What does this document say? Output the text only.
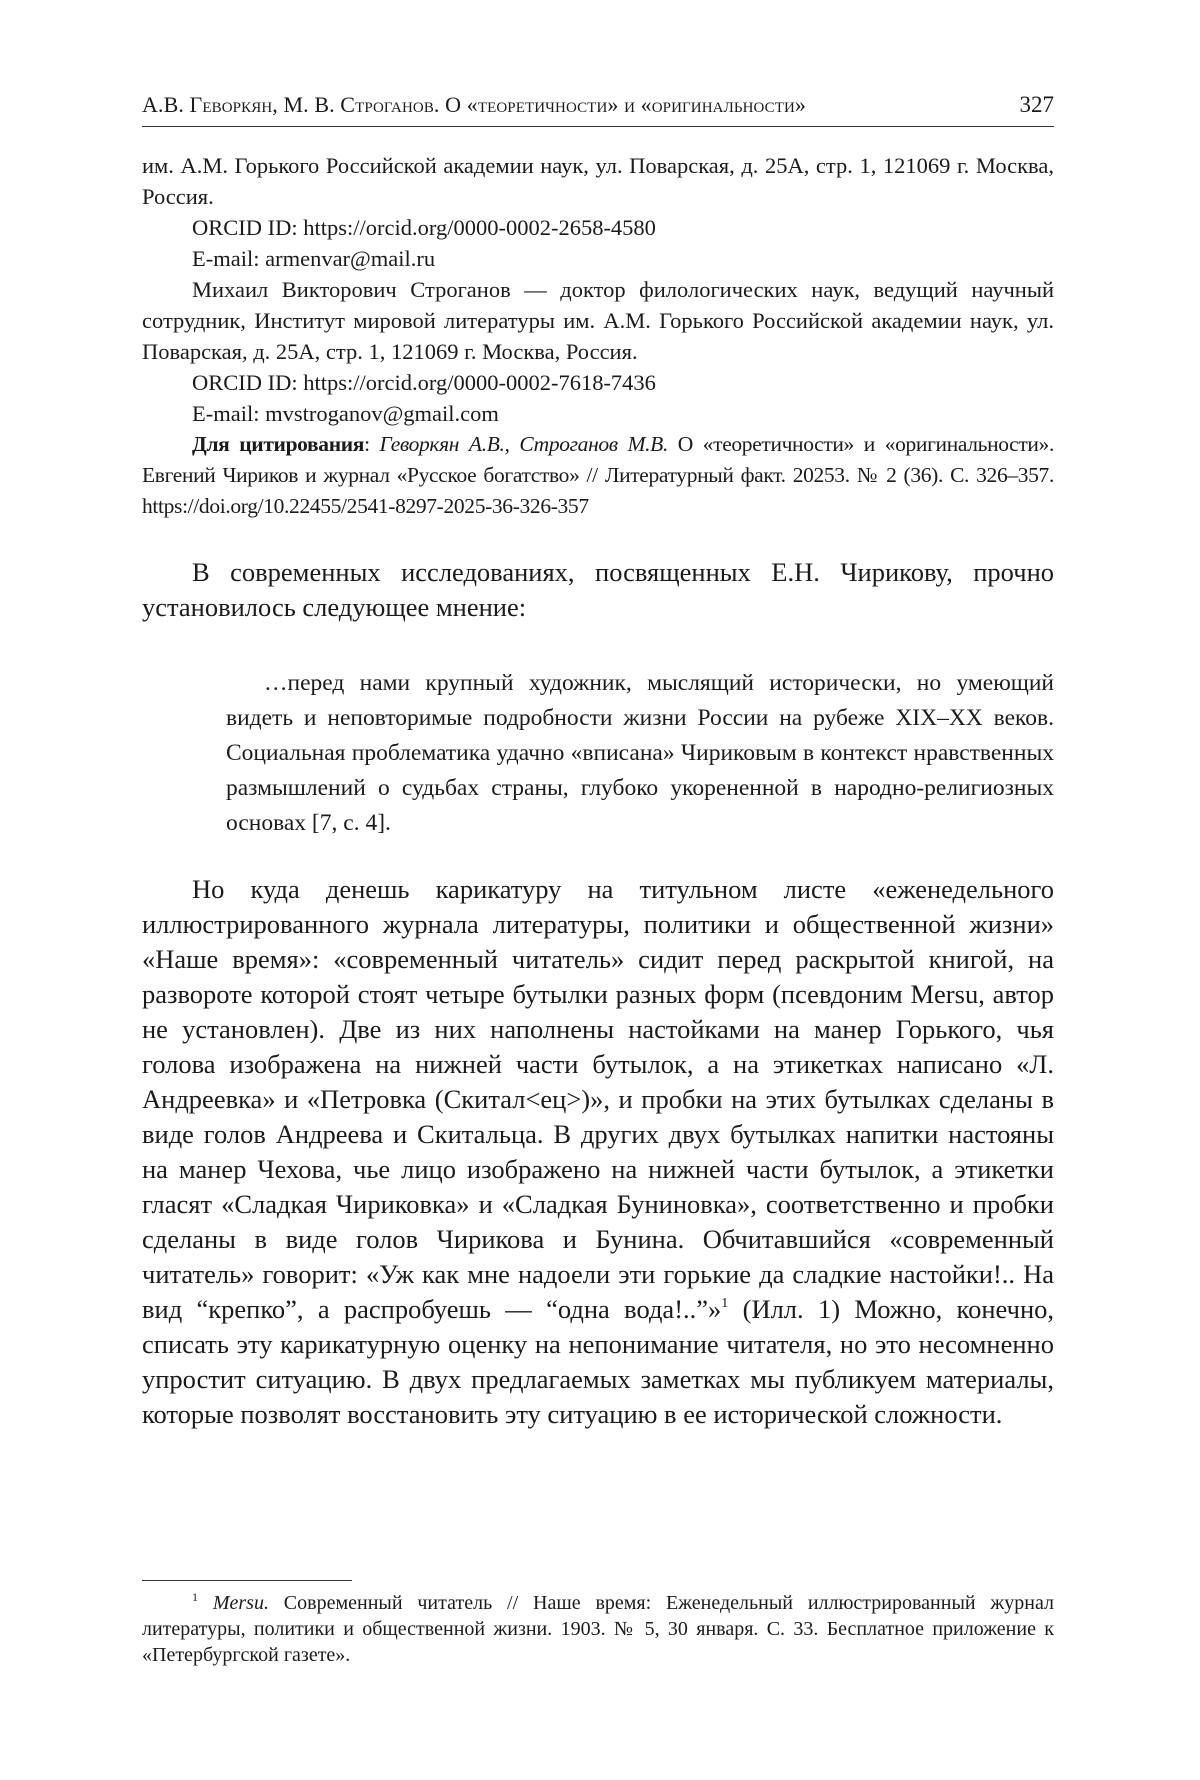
А.В. Геворкян, М. В. Строганов. О «теоретичности» и «оригинальности»	327

им. А.М. Горького Российской академии наук, ул. Поварская, д. 25А, стр. 1, 121069 г. Москва, Россия.

ORCID ID: https://orcid.org/0000-0002-2658-4580

E-mail: armenvar@mail.ru

Михаил Викторович Строганов — доктор филологических наук, ведущий научный сотрудник, Институт мировой литературы им. А.М. Горького Российской академии наук, ул. Поварская, д. 25А, стр. 1, 121069 г. Москва, Россия.

ORCID ID: https://orcid.org/0000-0002-7618-7436

E-mail: mvstroganov@gmail.com

Для цитирования: Геворкян А.В., Строганов М.В. О «теоретичности» и «оригинальности». Евгений Чириков и журнал «Русское богатство» // Литературный факт. 20253. № 2 (36). С. 326–357. https://doi.org/10.22455/2541-8297-2025-36-326-357

В современных исследованиях, посвященных Е.Н. Чирикову, прочно установилось следующее мнение:

…перед нами крупный художник, мыслящий исторически, но умеющий видеть и неповторимые подробности жизни России на рубеже XIX–XX веков. Социальная проблематика удачно «вписана» Чириковым в контекст нравственных размышлений о судьбах страны, глубоко укорененной в народно-религиозных основах [7, с. 4].

Но куда денешь карикатуру на титульном листе «еженедельного иллюстрированного журнала литературы, политики и общественной жизни» «Наше время»: «современный читатель» сидит перед раскрытой книгой, на развороте которой стоят четыре бутылки разных форм (псевдоним Mersu, автор не установлен). Две из них наполнены настойками на манер Горького, чья голова изображена на нижней части бутылок, а на этикетках написано «Л. Андреевка» и «Петровка (Скитал<ец>)», и пробки на этих бутылках сделаны в виде голов Андреева и Скитальца. В других двух бутылках напитки настояны на манер Чехова, чье лицо изображено на нижней части бутылок, а этикетки гласят «Сладкая Чириковка» и «Сладкая Буниновка», соответственно и пробки сделаны в виде голов Чирикова и Бунина. Обчитавшийся «современный читатель» говорит: «Уж как мне надоели эти горькие да сладкие настойки!.. На вид “крепко”, а распробуешь — “одна вода!..”»$^1$ (Илл. 1) Можно, конечно, списать эту карикатурную оценку на непонимание читателя, но это несомненно упростит ситуацию. В двух предлагаемых заметках мы публикуем материалы, которые позволят восстановить эту ситуацию в ее исторической сложности.

$^1$ Mersu. Современный читатель // Наше время: Еженедельный иллюстрированный журнал литературы, политики и общественной жизни. 1903. № 5, 30 января. С. 33. Бесплатное приложение к «Петербургской газете».
